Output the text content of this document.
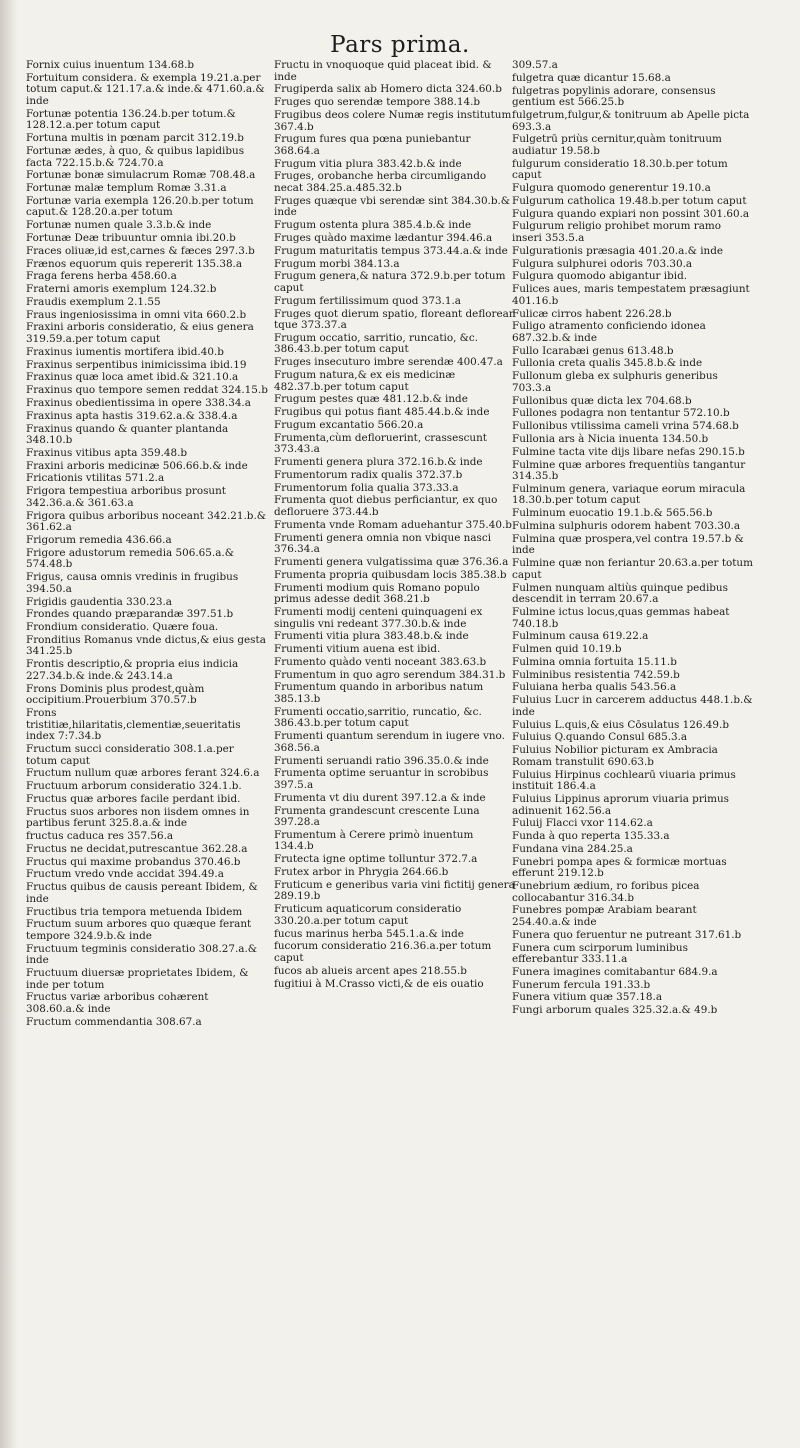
Pars prima.
Fornix cuius inuentum 134.68.b
Fortuitum considera. & exempla 19.21.a.per totum caput.& 121.17.a.& inde.& 471.60.a.& inde
Fortunæ potentia 136.24.b.per totum.& 128.12.a.per totum caput
Fortuna multis in pœnam parcit 312.19.b
Fortunæ ædes, à quo, & quibus lapidibus facta 722.15.b.& 724.70.a
Fortunæ bonæ simulacrum Romæ 708.48.a
Fortunæ malæ templum Romæ 3.31.a
Fortunæ varia exempla 126.20.b.per totum caput.& 128.20.a.per totum
Fortunæ numen quale 3.3.b.& inde
Fortunæ Deæ tribuuntur omnia ibi.20.b
Fraces oliuæ,id est,carnes & fæces 297.3.b
Frænos equorum quis repererit 135.38.a
Fraga ferens herba 458.60.a
Fraterni amoris exemplum 124.32.b
Fraudis exemplum 2.1.55
Fraus ingeniosissima in omni vita 660.2.b
Fraxini arboris consideratio, & eius genera 319.59.a.per totum caput
Fraxinus iumentis mortifera ibid.40.b
Fraxinus serpentibus inimicissima ibid.19
Fraxinus quæ loca amet ibid.& 321.10.a
Fraxinus quo tempore semen reddat 324.15.b
Fraxinus obedientissima in opere 338.34.a
Fraxinus apta hastis 319.62.a.& 338.4.a
Fraxinus quando & quanter plantanda 348.10.b
Fraxinus vitibus apta 359.48.b
Fraxini arboris medicinæ 506.66.b.& inde
Fricationis vtilitas 571.2.a
Frigora tempestiua arboribus prosunt 342.36.a.& 361.63.a
Frigora quibus arboribus noceant 342.21.b.& 361.62.a
Frigorum remedia 436.66.a
Frigore adustorum remedia 506.65.a.& 574.48.b
Frigus, causa omnis vredinis in frugibus 394.50.a
Frigidis gaudentia 330.23.a
Frondes quando præparandæ 397.51.b
Frondium consideratio. Quære foua.
Fronditius Romanus vnde dictus,& eius gesta 341.25.b
Frontis descriptio,& propria eius indicia 227.34.b.& inde.& 243.14.a
Frons Dominis plus prodest,quàm occipitium.Prouerbium 370.57.b
Frons tristitiæ,hilaritatis,clementiæ,seueritatis index 7:7.34.b
Fructum succi consideratio 308.1.a.per totum caput
Fructum nullum quæ arbores ferant 324.6.a
Fructuum arborum consideratio 324.1.b.
Fructus quæ arbores facile perdant ibid.
Fructus suos arbores non iisdem omnes in partibus ferunt 325.8.a.& inde
fructus caduca res 357.56.a
Fructus ne decidat,putrescantue 362.28.a
Fructus qui maxime probandus 370.46.b
Fructum vredo vnde accidat 394.49.a
Fructus quibus de causis pereant Ibidem, & inde
Fructibus tria tempora metuenda Ibidem
Fructum suum arbores quo quæque ferant tempore 324.9.b.& inde
Fructuum tegminis consideratio 308.27.a.& inde
Fructuum diuersæ proprietates Ibidem, & inde per totum
Fructus variæ arboribus cohærent 308.60.a.& inde
Fructum commendantia 308.67.a
Fructu in vnoquoque quid placeat ibid. & inde
Frugiperda salix ab Homero dicta 324.60.b
Fruges quo serendæ tempore 388.14.b
Frugibus deos colere Numæ regis institutum 367.4.b
Frugum fures qua pœna puniebantur 368.64.a
Frugum vitia plura 383.42.b.& inde
Fruges, orobanche herba circumligando necat 384.25.a.485.32.b
Fruges quæque vbi serendæ sint 384.30.b.& inde
Frugum ostenta plura 385.4.b.& inde
Fruges quàdo maxime lædantur 394.46.a
Frugum maturitatis tempus 373.44.a.& inde
Frugum morbi 384.13.a
Frugum genera,& natura 372.9.b.per totum caput
Frugum fertilissimum quod 373.1.a
Fruges quot dierum spatio, floreant deflorean tque 373.37.a
Frugum occatio, sarritio, runcatio, &c. 386.43.b.per totum caput
Fruges insecuturo imbre serendæ 400.47.a
Frugum natura,& ex eis medicinæ 482.37.b.per totum caput
Frugum pestes quæ 481.12.b.& inde
Frugibus qui potus fiant 485.44.b.& inde
Frugum excantatio 566.20.a
Frumenta,cùm defloruerint, crassescunt 373.43.a
Frumenti genera plura 372.16.b.& inde
Frumentorum radix qualis 372.37.b
Frumentorum folia qualia 373.33.a
Frumenta quot diebus perficiantur, ex quo defloruere 373.44.b
Frumenta vnde Romam aduehantur 375.40.b
Frumenti genera omnia non vbique nasci 376.34.a
Frumenti genera vulgatissima quæ 376.36.a
Frumenta propria quibusdam locis 385.38.b
Frumenti modium quis Romano populo primus adesse dedit 368.21.b
Frumenti modij centeni quinquageni ex singulis vni redeant 377.30.b.& inde
Frumenti vitia plura 383.48.b.& inde
Frumenti vitium auena est ibid.
Frumento quàdo venti noceant 383.63.b
Frumentum in quo agro serendum 384.31.b
Frumentum quando in arboribus natum 385.13.b
Frumenti occatio,sarritio, runcatio, &c. 386.43.b.per totum caput
Frumenti quantum serendum in iugere vno. 368.56.a
Frumenti seruandi ratio 396.35.0.& inde
Frumenta optime seruantur in scrobibus 397.5.a
Frumenta vt diu durent 397.12.a & inde
Frumenta grandescunt crescente Luna 397.28.a
Frumentum à Cerere primò inuentum 134.4.b
Frutecta igne optime tolluntur 372.7.a
Frutex arbor in Phrygia 264.66.b
Fruticum e generibus varia vini fictitij genera 289.19.b
Fruticum aquaticorum consideratio 330.20.a.per totum caput
fucus marinus herba 545.1.a.& inde
fucorum consideratio 216.36.a.per totum caput
fucos ab alueis arcent apes 218.55.b
fugitiui à M.Crasso victi,& de eis ouatio
309.57.a
fulgetra quæ dicantur 15.68.a
fulgetras popylinis adorare, consensus gentium est 566.25.b
fulgetrum,fulgur,& tonitruum ab Apelle picta 693.3.a
Fulgetrū priùs cernitur,quàm tonitruum audiatur 19.58.b
fulgurum consideratio 18.30.b.per totum caput
Fulgura quomodo generentur 19.10.a
Fulgurum catholica 19.48.b.per totum caput
Fulgura quando expiari non possint 301.60.a
Fulgurum religio prohibet morum ramo inseri 353.5.a
Fulgurationis præsagia 401.20.a.& inde
Fulgura sulphurei odoris 703.30.a
Fulgura quomodo abigantur ibid.
Fulices aues, maris tempestatem præsagiunt 401.16.b
Fulicæ cirros habent 226.28.b
Fuligo atramento conficiendo idonea 687.32.b.& inde
Fullo Icarabæi genus 613.48.b
Fullonia creta qualis 345.8.b.& inde
Fullonum gleba ex sulphuris generibus 703.3.a
Fullonibus quæ dicta lex 704.68.b
Fullones podagra non tentantur 572.10.b
Fullonibus vtilissima cameli vrina 574.68.b
Fullonia ars à Nicia inuenta 134.50.b
Fulmine tacta vite dijs libare nefas 290.15.b
Fulmine quæ arbores frequentiùs tangantur 314.35.b
Fulminum genera, variaque eorum miracula 18.30.b.per totum caput
Fulminum euocatio 19.1.b.& 565.56.b
Fulmina sulphuris odorem habent 703.30.a
Fulmina quæ prospera,vel contra 19.57.b & inde
Fulmine quæ non feriantur 20.63.a.per totum caput
Fulmen nunquam altiùs quinque pedibus descendit in terram 20.67.a
Fulmine ictus locus,quas gemmas habeat 740.18.b
Fulminum causa 619.22.a
Fulmen quid 10.19.b
Fulmina omnia fortuita 15.11.b
Fulminibus resistentia 742.59.b
Fuluiana herba qualis 543.56.a
Fuluius Lucr in carcerem adductus 448.1.b.& inde
Fuluius L.quis,& eius Cōsulatus 126.49.b
Fuluius Q.quando Consul 685.3.a
Fuluius Nobilior picturam ex Ambracia Romam transtulit 690.63.b
Fuluius Hirpinus cochlearū viuaria primus instituit 186.4.a
Fuluius Lippinus aprorum viuaria primus adinuenit 162.56.a
Fuluij Flacci vxor 114.62.a
Funda à quo reperta 135.33.a
Fundana vina 284.25.a
Funebri pompa apes & formicæ mortuas efferunt 219.12.b
Funebrium ædium, ro foribus picea collocabantur 316.34.b
Funebres pompæ Arabiam bearant 254.40.a.& inde
Funera quo feruentur ne putreant 317.61.b
Funera cum scirporum luminibus efferebantur 333.11.a
Funera imagines comitabantur 684.9.a
Funerum fercula 191.33.b
Funera vitium quæ 357.18.a
Fungi arborum quales 325.32.a.& 49.b
